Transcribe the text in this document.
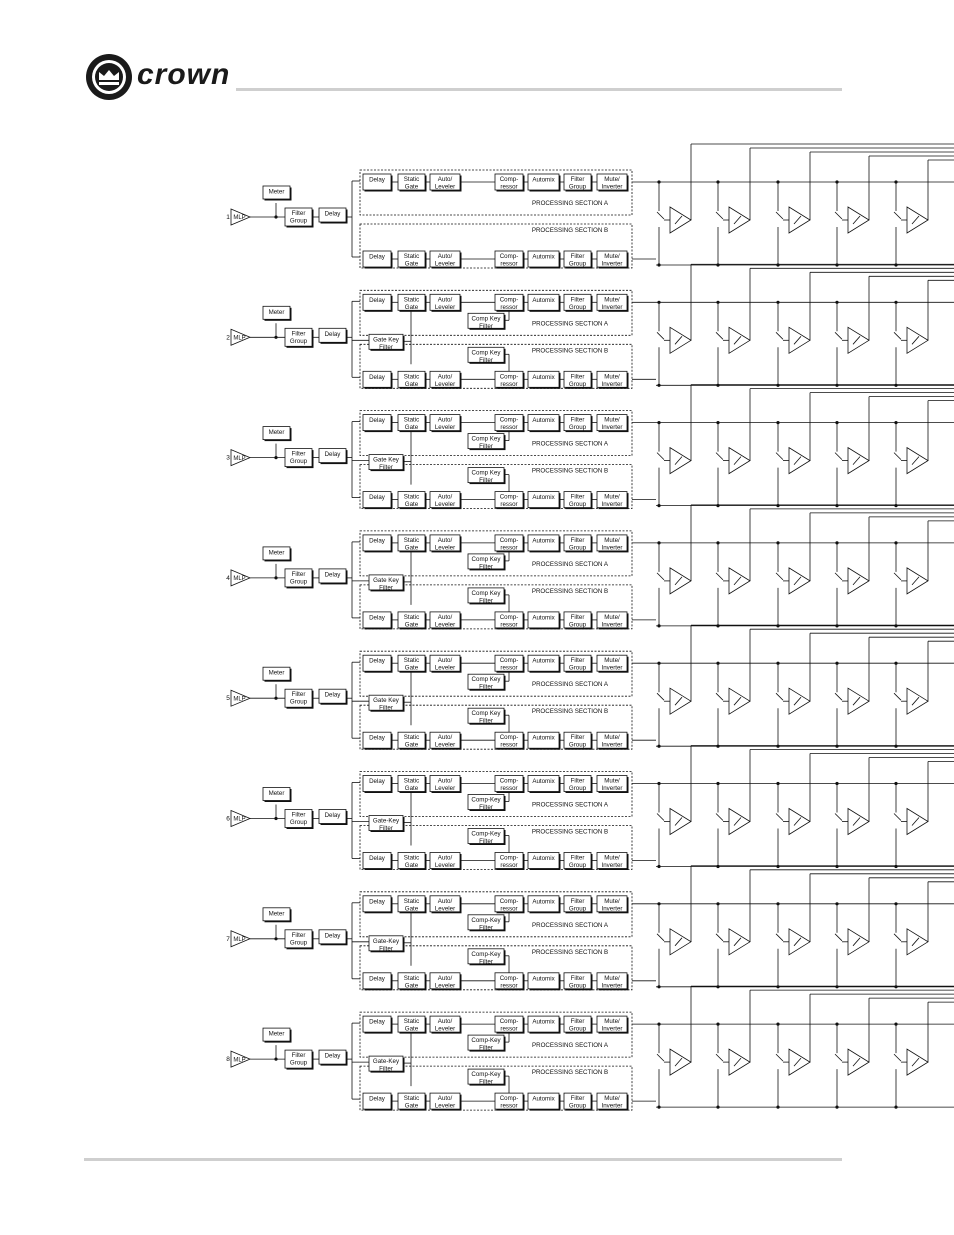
crown
1 MLP
Meter
Filter
Group
Delay
Delay	Static
Gate
Auto/
Leveler
Comp-
ressor
Automix	Filter
Group
Mute/
Inverter
PROCESSING SECTION A
Delay	Static
Gate
Auto/
Leveler
Comp-
ressor
Automix	Filter
Group
Mute/
Inverter
PROCESSING SECTION B
2 MLP
Meter
Filter
Group
Delay
Delay	Static
Gate
Auto/
Leveler
Comp-
ressor
Automix	Filter
Group
Mute/
Inverter
PROCESSING SECTION A
Comp Key
Filter
Delay	Static
Gate
Auto/
Leveler
Comp-
ressor
Automix	Filter
Group
Mute/
Inverter
PROCESSING SECTION B
Comp Key
Filter
Gate Key
Filter
3 MLP
Meter
Filter
Group
Delay
Delay	Static
Gate
Auto/
Leveler
Comp-
ressor
Automix	Filter
Group
Mute/
Inverter
PROCESSING SECTION A
Comp Key
Filter
Delay	Static
Gate
Auto/
Leveler
Comp-
ressor
Automix	Filter
Group
Mute/
Inverter
PROCESSING SECTION B
Comp Key
Filter
Gate Key
Filter
4 MLP
Meter
Filter
Group
Delay
Delay	Static
Gate
Auto/
Leveler
Comp-
ressor
Automix	Filter
Group
Mute/
Inverter
PROCESSING SECTION A
Comp Key
Filter
Delay	Static
Gate
Auto/
Leveler
Comp-
ressor
Automix	Filter
Group
Mute/
Inverter
PROCESSING SECTION B
Comp Key
Filter
Gate Key
Filter
5 MLP
Meter
Filter
Group
Delay
Delay	Static
Gate
Auto/
Leveler
Comp-
ressor
Automix	Filter
Group
Mute/
Inverter
PROCESSING SECTION A
Comp Key
Filter
Delay	Static
Gate
Auto/
Leveler
Comp-
ressor
Automix	Filter
Group
Mute/
Inverter
PROCESSING SECTION B
Comp Key
Filter
Gate Key
Filter
6 MLP
Meter
Filter
Group
Delay
Delay	Static
Gate
Auto/
Leveler
Comp-
ressor
Automix	Filter
Group
Mute/
Inverter
PROCESSING SECTION A
Comp-Key
Filter
Delay	Static
Gate
Auto/
Leveler
Comp-
ressor
Automix	Filter
Group
Mute/
Inverter
PROCESSING SECTION B
Comp-Key
Filter
Gate-Key
Filter
7 MLP
Meter
Filter
Group
Delay
Delay	Static
Gate
Auto/
Leveler
Comp-
ressor
Automix	Filter
Group
Mute/
Inverter
PROCESSING SECTION A
Comp-Key
Filter
Delay	Static
Gate
Auto/
Leveler
Comp-
ressor
Automix	Filter
Group
Mute/
Inverter
PROCESSING SECTION B
Comp-Key
Filter
Gate-Key
Filter
8 MLP
Meter
Filter
Group
Delay
Delay	Static
Gate
Auto/
Leveler
Comp-
ressor
Automix	Filter
Group
Mute/
Inverter
PROCESSING SECTION A
Comp-Key
Filter
Delay	Static
Gate
Auto/
Leveler
Comp-
ressor
Automix	Filter
Group
Mute/
Inverter
PROCESSING SECTION B
Comp-Key
Filter
Gate-Key
Filter
